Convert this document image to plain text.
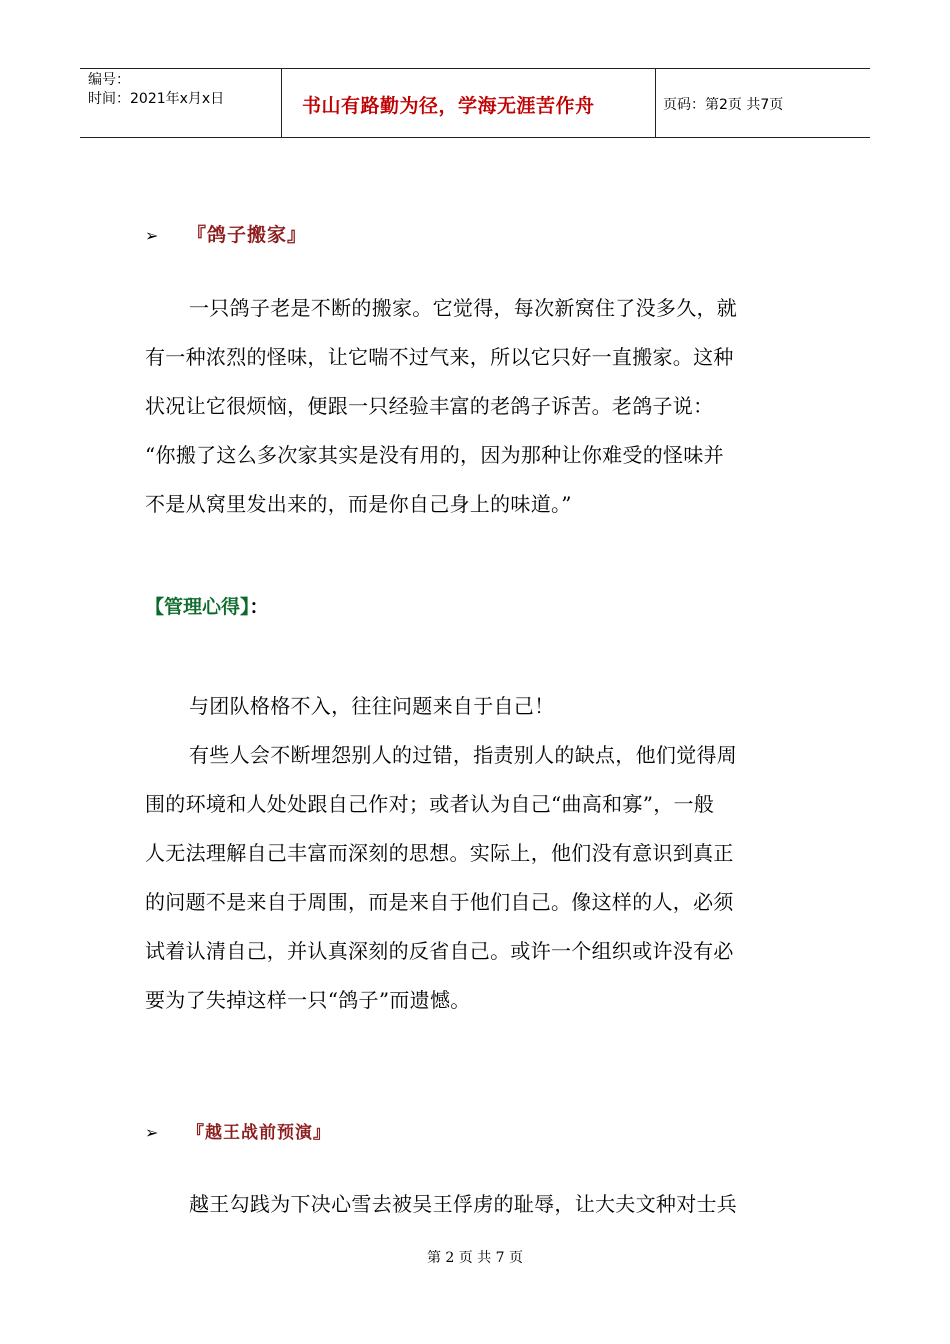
编号：
时间：2021年x月x日	书山有路勤为径，学海无涯苦作舟	页码：第2页 共7页
➢ 『鸽子搬家』
一只鸽子老是不断的搬家。它觉得，每次新窝住了没多久，就
有一种浓烈的怪味，让它喘不过气来，所以它只好一直搬家。这种
状况让它很烦恼，便跟一只经验丰富的老鸽子诉苦。老鸽子说：
“你搬了这么多次家其实是没有用的，因为那种让你难受的怪味并
不是从窝里发出来的，而是你自己身上的味道。”
【管理心得】：
与团队格格不入，往往问题来自于自己！
有些人会不断埋怨别人的过错，指责别人的缺点，他们觉得周
围的环境和人处处跟自己作对；或者认为自己“曲高和寡”，一般
人无法理解自己丰富而深刻的思想。实际上，他们没有意识到真正
的问题不是来自于周围，而是来自于他们自己。像这样的人，必须
试着认清自己，并认真深刻的反省自己。或许一个组织或许没有必
要为了失掉这样一只“鸽子”而遗憾。
➢ 『越王战前预演』
越王勾践为下决心雪去被吴王俘虏的耻辱，让大夫文种对士兵
第 2 页 共 7 页
